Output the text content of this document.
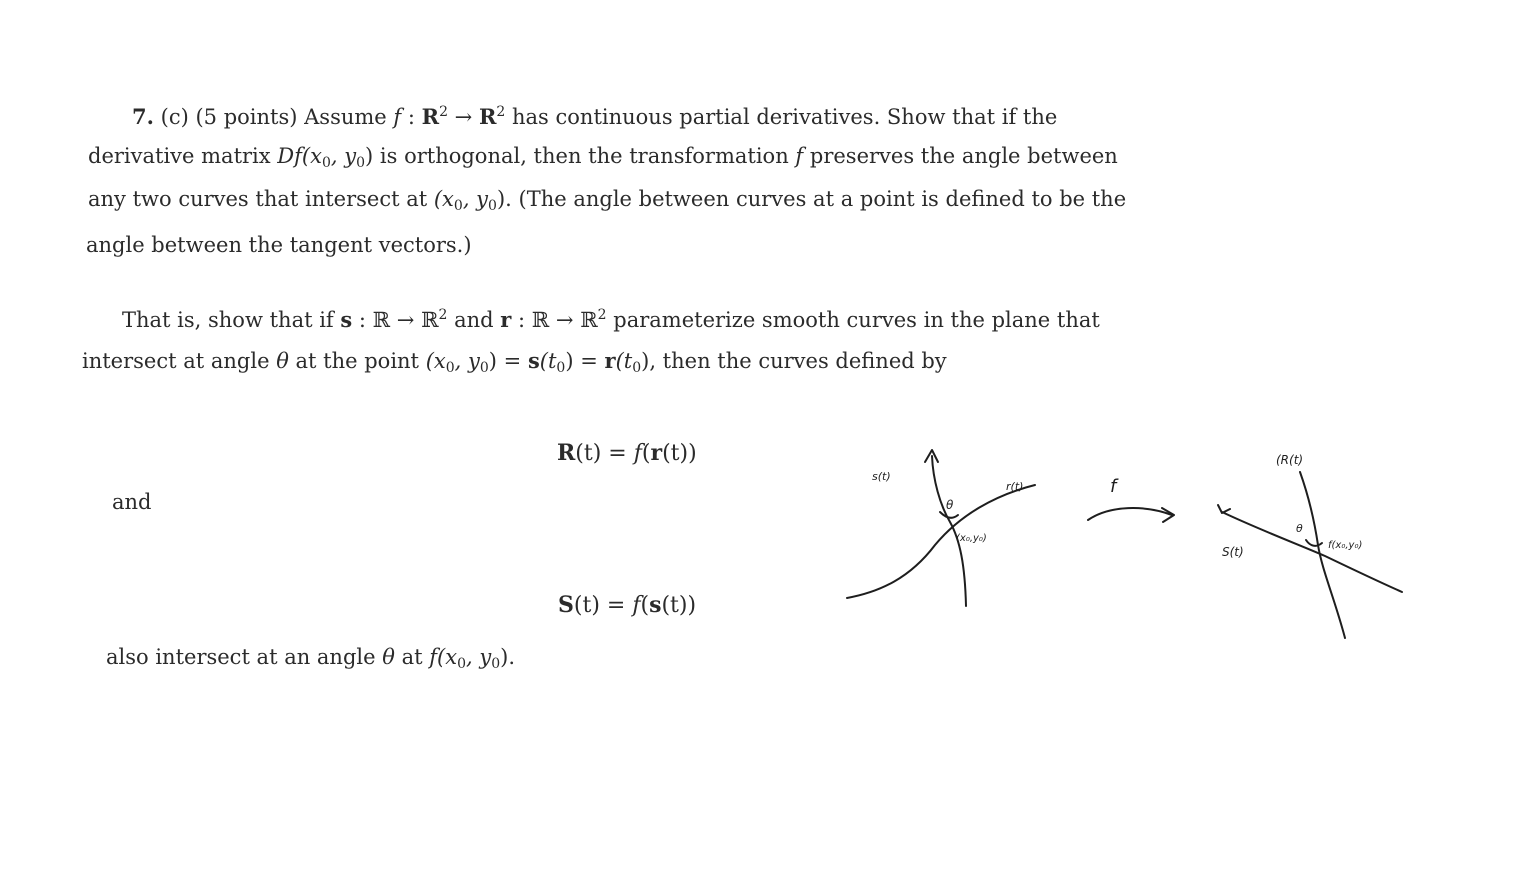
7. (c) (5 points) Assume f : $R^2 \to R^2$ has continuous partial derivatives. Show that if the
derivative matrix $Df(x_0$, $y_0$) is orthogonal, then the transformation f preserves the angle between
any two curves that intersect at ($x_0$, $y_0$). (The angle between curves at a point is defined to be the
angle between the tangent vectors.)
That is, show that if s : ℝ → ℝ$^2$ and r : ℝ → ℝ$^2$ parameterize smooth curves in the plane that
intersect at angle θ at the point ($x_0$, $y_0) = s(t_0) = r(t_0)$, then the curves defined by
R(t) = f(r(t))
and
S(t) = f(s(t))
also intersect at an angle θ at $f(x_0$, $y_0$).
s(t)
θ
r(t)
(x₀,y₀)
f
S(t)
θ
(R(t)
f(x₀,y₀)
